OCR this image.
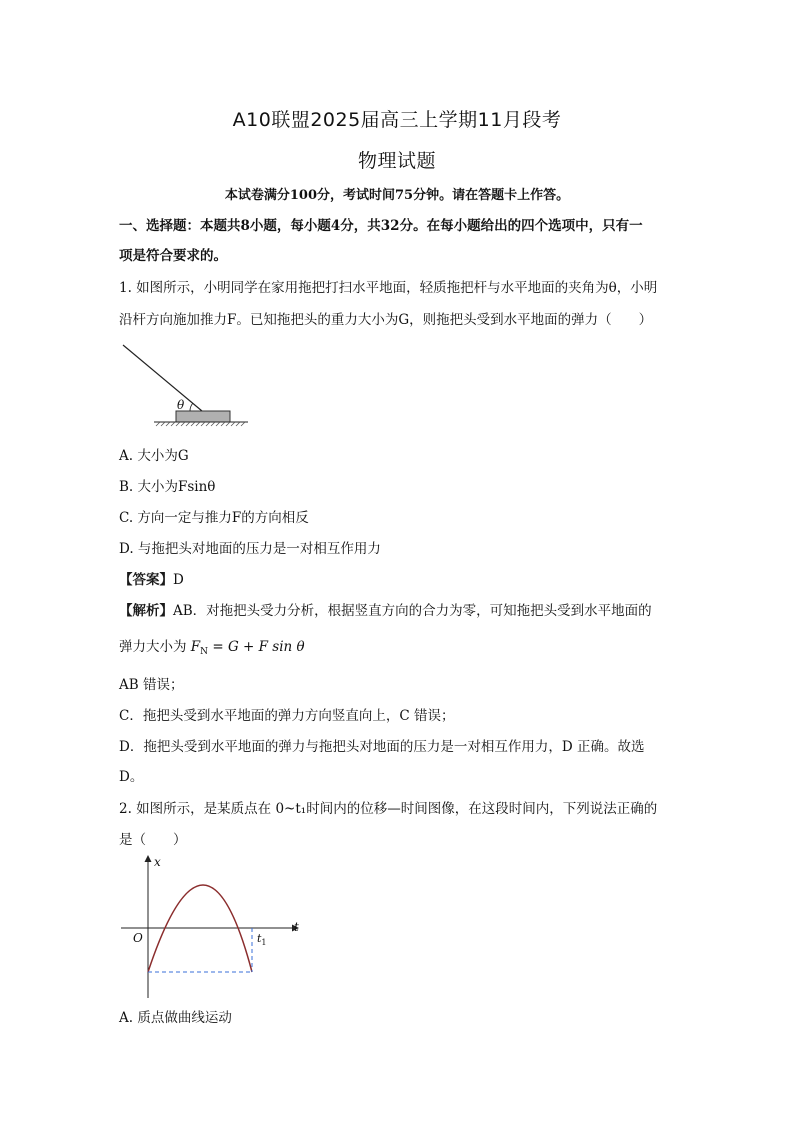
A10联盟2025届高三上学期11月段考
物理试题
本试卷满分100分，考试时间75分钟。请在答题卡上作答。
一、选择题：本题共8小题，每小题4分，共32分。在每小题给出的四个选项中，只有一
项是符合要求的。
1. 如图所示，小明同学在家用拖把打扫水平地面，轻质拖把杆与水平地面的夹角为θ，小明
沿杆方向施加推力F。已知拖把头的重力大小为G，则拖把头受到水平地面的弹力（　　）
θ
A. 大小为G
B. 大小为Fsinθ
C. 方向一定与推力F的方向相反
D. 与拖把头对地面的压力是一对相互作用力
【答案】D
【解析】AB．对拖把头受力分析，根据竖直方向的合力为零，可知拖把头受到水平地面的
弹力大小为 $F_N = G + F$ sin θ
AB 错误；
C．拖把头受到水平地面的弹力方向竖直向上，C 错误；
D．拖把头受到水平地面的弹力与拖把头对地面的压力是一对相互作用力，D 正确。故选
D。
2. 如图所示，是某质点在 0~t₁时间内的位移—时间图像，在这段时间内，下列说法正确的
是（　　）
x
t
O	$t_1$
A. 质点做曲线运动
